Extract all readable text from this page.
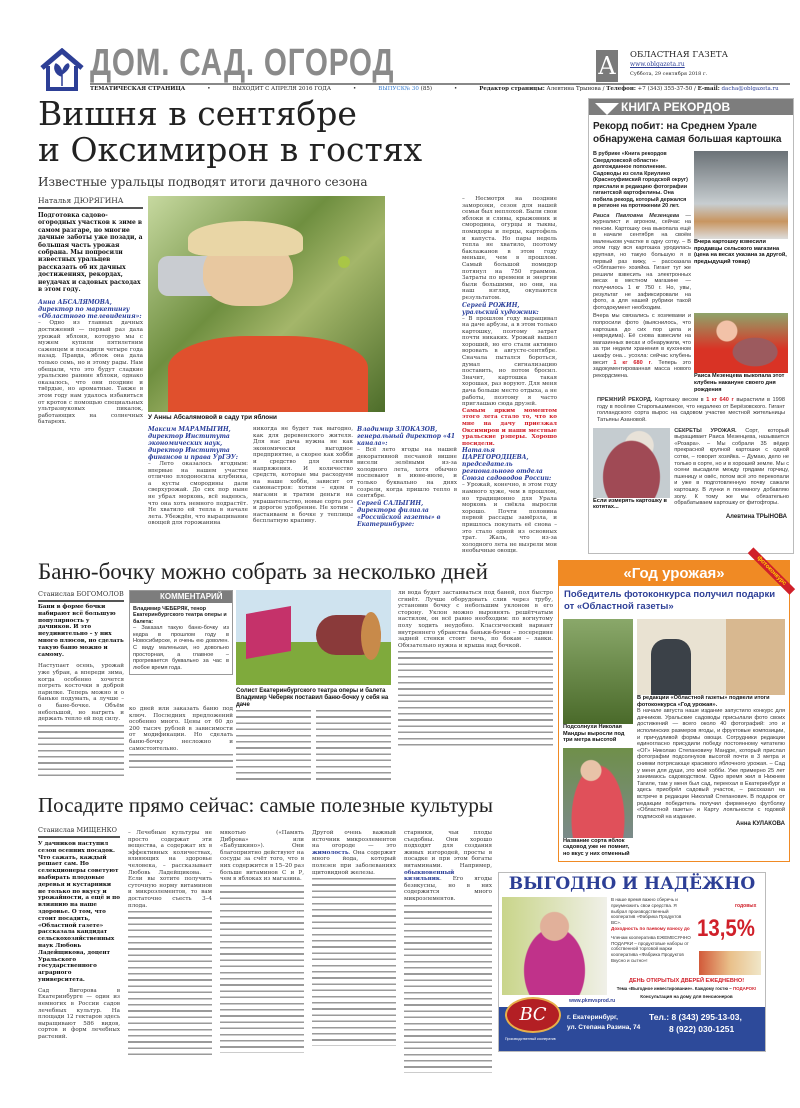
ДОМ. САД. ОГОРОД
ТЕМАТИЧЕСКАЯ СТРАНИЦА	•	ВЫХОДИТ С АПРЕЛЯ 2016 ГОДА	•	ВЫПУСК№ 30 (85)	•	Редактор страницы: Алевтина Трынова / Телефон: +7 (343) 355-37-50 / E-mail: dacha@oblgazeta.ru
А ОБЛАСТНАЯ ГАЗЕТА
www.oblgazeta.ru
Суббота, 29 сентября 2018 г.
Вишня в сентябре
и Оксимирон в гостях
Известные уральцы подводят итоги дачного сезона
Наталья ДЮРЯГИНА

Подготовка садово-огородных участков к зиме в самом разгаре, но многие дачные заботы уже позади, а большая часть урожая собрана. Мы попросили известных уральцев рассказать об их дачных достижениях, рекордах, неудачах и садовых расходах в этом году.

Анна АБСАЛЯМОВА, директор по маркетингу «Областного телевидения»:

– Одно из главных дачных достижений — первый раз дала урожай яблоня, которую мы с мужем купили пятилетним саженцем и посадили четыре года назад. Правда, яблок она дала только семь, но и этому рады. Нам обещали, что это будут сладкие уральские ранние яблоки, однако оказалось, что они поздние и твёрдые, но ароматные. Также в этом году нам удалось избавиться от кротов с помощью специальных ультразвуковых пикалок, работающих на солнечных батареях.

У Анны Абсалямовой в саду три яблони

Максим МАРАМЫГИН, директор Института экономических наук, директор Института финансов и права УрГЭУ:

– Лето оказалось ягодным: впервые на нашем участке отлично плодоносила клубника, а кусты смородины дали сверхурожай. До сих пор ныне не убрал морковь, всё надеюсь, что она хоть немного подрастёт. Не хватило ей тепла в начале лета. Убеждён, что выращивание овощей для горожанина

никогда не будет так выгодно, как для деревенского жителя. Для нас дача нужна не как экономически выгодное предприятие, а скорее как хобби и средство для снятия напряжения. И количество средств, которые мы расходуем на наше хобби, зависит от самонастроя: хотим – едем в магазин и тратим деньги на украшательство, новые сорта роз и дорогое удобрение. Не хотим – настаиваем в бочке у теплицы бесплатную крапиву.

Владимир ЗЛОКАЗОВ, генеральный директор «41 канала»:

– Всё лето ягоды на нашей декоративной песчаной вишне висели зелёными из-за холодного лета, хотя обычно поспевают в июне-июле, и только буквально на днях созрели, когда пришло тепло в сентябре.

Сергей САЛЫГИН, директора филиала «Российской газеты» в Екатеринбурге:

– Несмотря на поздние заморозки, сезон для нашей семьи был неплохой. Были свои яблоки и сливы, крыжовник и смородина, огурцы и тыквы, помидоры и перцы, картофель и капуста. Но пары недель тепла не хватило, поэтому баклажанов в этом году меньше, чем в прошлом. Самый большой помидор потянул на 750 граммов. Затраты по времени и энергии были большими, но они, на наш взгляд, окупаются результатом.

Сергей РОЖИН, уральский художник:

– В прошлом году выращивал на даче арбузы, а в этом только картошку, поэтому затрат почти никаких. Урожай вышел хороший, но его стали активно воровать в августе-сентябре. Сначала пытался бороться, думал сигнализацию поставить, но потом бросил. Значит, картошка такая хорошая, раз воруют. Для меня дача больше место отдыха, а не работы, поэтому я часто приглашаю сюда друзей.

Самым ярким моментом этого лета стало то, что ко мне на дачу приезжал Оксимирон и наши местные уральские рэперы. Хорошо посидели.

Наталья ЦАРЕГОРОДЦЕВА, председатель регионального отдела Союза садоводов России:

– Урожай, конечно, в этом году намного хуже, чем в прошлом, но традиционно для Урала морковь и свёкла выросли хорошо. Почти половина первой рассады замёрзла, и пришлось покупать её снова – это стало одной из основных трат. Жаль, что из-за холодного лета не вызрели мои необычные овощи.

КНИГА РЕКОРДОВ
Рекорд побит: на Среднем Урале обнаружена самая большая картошка

В рубрике «Книга рекордов Свердловской области» долгожданное пополнение. Садоводы из села Криулино (Красноуфимский городской округ) прислали в редакцию фотографии гигантской картофелины. Она побила рекорд, который держался в регионе на протяжении 20 лет.

Раиса Павловна Мезенцева — журналист и агроном, сейчас на пенсии. Картошку она выкопала ещё в начале сентября на своём маленьком участке в одну сотку. – В этом году вся картошка уродилась крупная, но такую большую я в первый раз вижу, – рассказала «Облгазете» хозяйка. Гигант тут же решили взвесить на электронных весах в местном магазине — получилось 1 кг 750 г. Но, увы, результат не зафиксировали на фото, а для нашей рубрики такой фотодокумент необходим.

Вчера картошку взвесили продавцы сельского магазина (цена на весах указана за другой, предыдущий товар)

Вчера мы связались с хозяевами и попросили фото (выяснилось, что картошка до сих пор цела и невредима). Её снова взвесили на магазинных весах и обнаружили, что за три недели хранения в кухонном шкафу она... усохла: сейчас клубень весит 1 кг 680 г. Теперь это задокументированная масса нового рекордсмена.	Раиса Мезенцева выкопала этот клубень накануне своего дня рождения

ПРЕЖНИЙ РЕКОРД. Картошку весом в 1 кг 640 г вырастили в 1998 году в посёлке Старопышминске, что недалеко от Берёзовского. Гигант голландского сорта вырос на садовом участке местной жительницы Татьяны Азановой.

Если измерять картошку в котятах...

СЕКРЕТЫ УРОЖАЯ. Сорт, который выращивает Раиса Мезенцева, называется «Розара». – Мы собрали 35 вёдер прекрасной крупной картошки с одной сотки, – говорит хозяйка. – Думаю, дело не только в сорте, но и в хорошей земле. Мы с осени высадили между грядами горчицу, пшеницу и овёс, потом всё это перекопали и уже в подготовленную почву сажали картошку. В лунки я понемногу добавляю золу. К тому же мы обязательно обрабатываем картошку от фитофторы.

Алевтина ТРЫНОВА
Баню-бочку можно собрать за несколько дней
Станислав БОГОМОЛОВ

Бани в форме бочки набирают всё большую популярность у дачников. И это неудивительно – у них много плюсов, но сделать такую баню можно и самому.

Наступает осень, урожай уже убран, а впереди зима, когда особенно хочется погреть косточки в доброй парилке. Теперь можно и о баньке подумать, а лучше – о бане-бочке. Объём небольшой, но нагреть и держать тепло ей под силу.

КОММЕНТАРИЙ

Владимир ЧЕБЕРЯК, тенор Екатеринбургского театра оперы и балета:

– Заказал такую баню-бочку из кедра в прошлом году в Новосибирске, и очень ею доволен. С виду маленькая, но довольно просторная, а главное – прогревается буквально за час в любое время года.

ко дней или заказать баню под ключ. Последних предложений особенно много. Цены от 60 до 200 тысяч рублей в зависимости от модификации. Но сделать баню-бочку несложно и самостоятельно.

Солист Екатеринбургского театра оперы и балета Владимир Чеберяк поставил баню-бочку у себя на даче

ли вода будет застаиваться под баней, пол быстро сгниёт. Лучше оборудовать слив через трубу, установив бочку с небольшим уклоном в его сторону. Уклон можно выровнять решётчатым настилом, он всё равно необходим: по вогнутому полу ходить неудобно. Классический вариант внутреннего убранства баньки-бочки – посередине задней стенки стоит печь, по бокам – лавки. Обязательно нужна и крыша над бочкой.

«Год урожая»	фотоконкурс
Победитель фотоконкурса получил подарки от «Областной газеты»

Подсолнухи Николая Мандры выросли под три метра высотой

Название сорта яблок садовод уже не помнит, но вкус у них отменный

В редакции «Областной газеты» подвели итоги фотоконкурса «Год урожая».

В начале августа наше издание запустило конкурс для дачников. Уральские садоводы присылали фото своих достижений — всего около 40 фотографий: это и исполинских размеров ягоды, и фруктовые композиции, и причудливой формы овощи. Сотрудники редакции единогласно присудили победу постоянному читателю «ОГ» Николаю Степановичу Мандре, который прислал фотографии подсолнухов высотой почти в 3 метра и снимки потрясающе красивого яблочного урожая. – Сад у меня для души, это моё хобби. Уже примерно 25 лет занимаюсь садоводством. Одно время жил в Нижнем Тагиле, там у меня был сад, переехал в Екатеринбург и здесь приобрёл садовый участок, – рассказал на встрече в редакции Николай Степанович. В подарок от редакции победитель получил фирменную футболку «Областной газеты» и Карту лояльности с годовой подпиской на издание.

Анна КУЛАКОВА
Посадите прямо сейчас: самые полезные культуры
Станислав МИЩЕНКО

У дачников наступил сезон осенних посадок. Что сажать, каждый решает сам. Но селекционеры советуют выбирать плодовые деревья и кустарники не только по вкусу и урожайности, а ещё и по влиянию на наше здоровье. О том, что стоит посадить, «Областной газете» рассказала кандидат сельскохозяйственных наук Любовь Ладейщикова, доцент Уральского государственного аграрного университета.

Сад Вигорова в Екатеринбурге — один из немногих в России садов лечебных культур. На площади 12 гектаров здесь выращивают 586 видов, сортов и форм лечебных растений.

– Лечебные культуры не просто содержат эти вещества, а содержат их в эффективных количествах, влияющих на здоровье человека, – рассказывает Любовь Ладейщикова. – Если вы хотите получить суточную норму витаминов и микроэлементов, то вам достаточно съесть 3–4 плода.

мякотью («Память Диброва» или «Бабушкино»). Они благоприятно действуют на сосуды за счёт того, что в них содержится в 15–20 раз больше витаминов С и Р, чем в яблоках из магазина.

Другой очень важный источник микроэлементов на огороде — это жимолость. Она содержит много йода, который полезен при заболеваниях щитовидной железы.

старники, чьи плоды съедобны. Они хорошо подходят для создания живых изгородей, просты в посадке и при этом богаты витаминами. Например, обыкновенный кизильник. Его ягоды безвкусны, но в них содержится много микроэлементов.

ВЫГОДНО И НАДЁЖНО

В наше время важно сберечь и приумножить свои средства. Я выбрал производственный кооператив «Фабрика Продуктов ВС».

Доходность по паевому взносу до

Членам кооператива ЕЖЕМЕСЯЧНО ПОДАРКИ – продуктовые наборы от собственной торговой марки кооператива «Фабрика Продуктов Вкусно и сытно»!

годовых
13,5%
ДЕНЬ ОТКРЫТЫХ ДВЕРЕЙ ЕЖЕДНЕВНО!
Тема «Выгодное инвестирование». Каждому гостю – ПОДАРОК!
Консультация на дому для пенсионеров
www.pkmvsprod.ru
ВС
Производственный кооператив
г. Екатеринбург,
ул. Степана Разина, 74
Тел.: 8 (343) 295-13-03,
8 (922) 030-1251
